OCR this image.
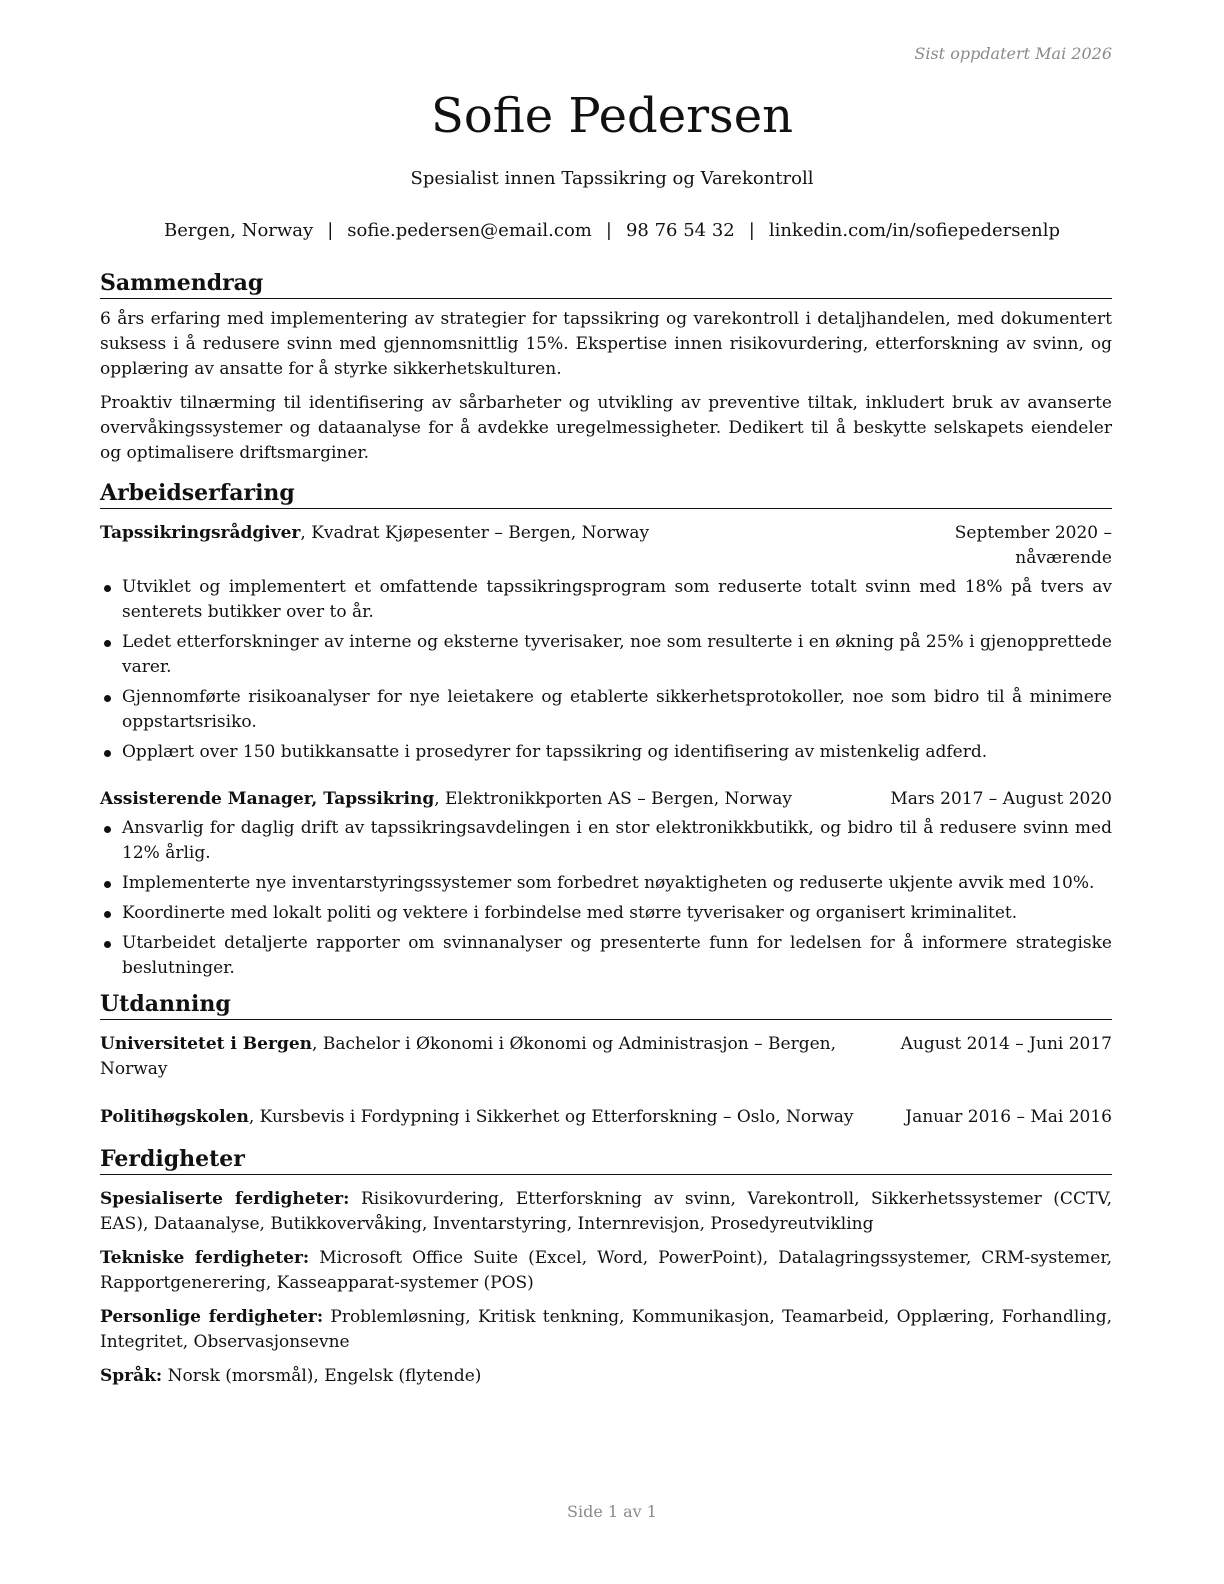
Sist oppdatert Mai 2026
Sofie Pedersen
Spesialist innen Tapssikring og Varekontroll
Bergen, Norway | sofie.pedersen@email.com | 98 76 54 32 | linkedin.com/in/sofiepedersenlp
Sammendrag

6 års erfaring med implementering av strategier for tapssikring og varekontroll i detaljhandelen, med dokumentert suksess i å redusere svinn med gjennomsnittlig 15%. Ekspertise innen risikovurdering, etterforskning av svinn, og opplæring av ansatte for å styrke sikkerhetskulturen.

Proaktiv tilnærming til identifisering av sårbarheter og utvikling av preventive tiltak, inkludert bruk av avanserte overvåkingssystemer og dataanalyse for å avdekke uregelmessigheter. Dedikert til å beskytte selskapets eiendeler og optimalisere driftsmarginer.

Arbeidserfaring
Tapssikringsrådgiver, Kvadrat Kjøpesenter – Bergen, Norway	September 2020 – nåværende
Utviklet og implementert et omfattende tapssikringsprogram som reduserte totalt svinn med 18% på tvers av senterets butikker over to år.
Ledet etterforskninger av interne og eksterne tyverisaker, noe som resulterte i en økning på 25% i gjenopprettede varer.
Gjennomførte risikoanalyser for nye leietakere og etablerte sikkerhetsprotokoller, noe som bidro til å minimere oppstartsrisiko.
Opplært over 150 butikkansatte i prosedyrer for tapssikring og identifisering av mistenkelig adferd.
Assisterende Manager, Tapssikring, Elektronikkporten AS – Bergen, Norway	Mars 2017 – August 2020
Ansvarlig for daglig drift av tapssikringsavdelingen i en stor elektronikkbutikk, og bidro til å redusere svinn med 12% årlig.
Implementerte nye inventarstyringssystemer som forbedret nøyaktigheten og reduserte ukjente avvik med 10%.
Koordinerte med lokalt politi og vektere i forbindelse med større tyverisaker og organisert kriminalitet.
Utarbeidet detaljerte rapporter om svinnanalyser og presenterte funn for ledelsen for å informere strategiske beslutninger.
Utdanning
Universitetet i Bergen, Bachelor i Økonomi i Økonomi og Administrasjon – Bergen, Norway
August 2014 – Juni 2017
Politihøgskolen, Kursbevis i Fordypning i Sikkerhet og Etterforskning – Oslo, Norway	Januar 2016 – Mai 2016
Ferdigheter

Spesialiserte ferdigheter: Risikovurdering, Etterforskning av svinn, Varekontroll, Sikkerhetssystemer (CCTV, EAS), Dataanalyse, Butikkovervåking, Inventarstyring, Internrevisjon, Prosedyreutvikling

Tekniske ferdigheter: Microsoft Office Suite (Excel, Word, PowerPoint), Datalagringssystemer, CRM-systemer, Rapportgenerering, Kasseapparat-systemer (POS)

Personlige ferdigheter: Problemløsning, Kritisk tenkning, Kommunikasjon, Teamarbeid, Opplæring, Forhandling, Integritet, Observasjonsevne

Språk: Norsk (morsmål), Engelsk (flytende)

Side 1 av 1
